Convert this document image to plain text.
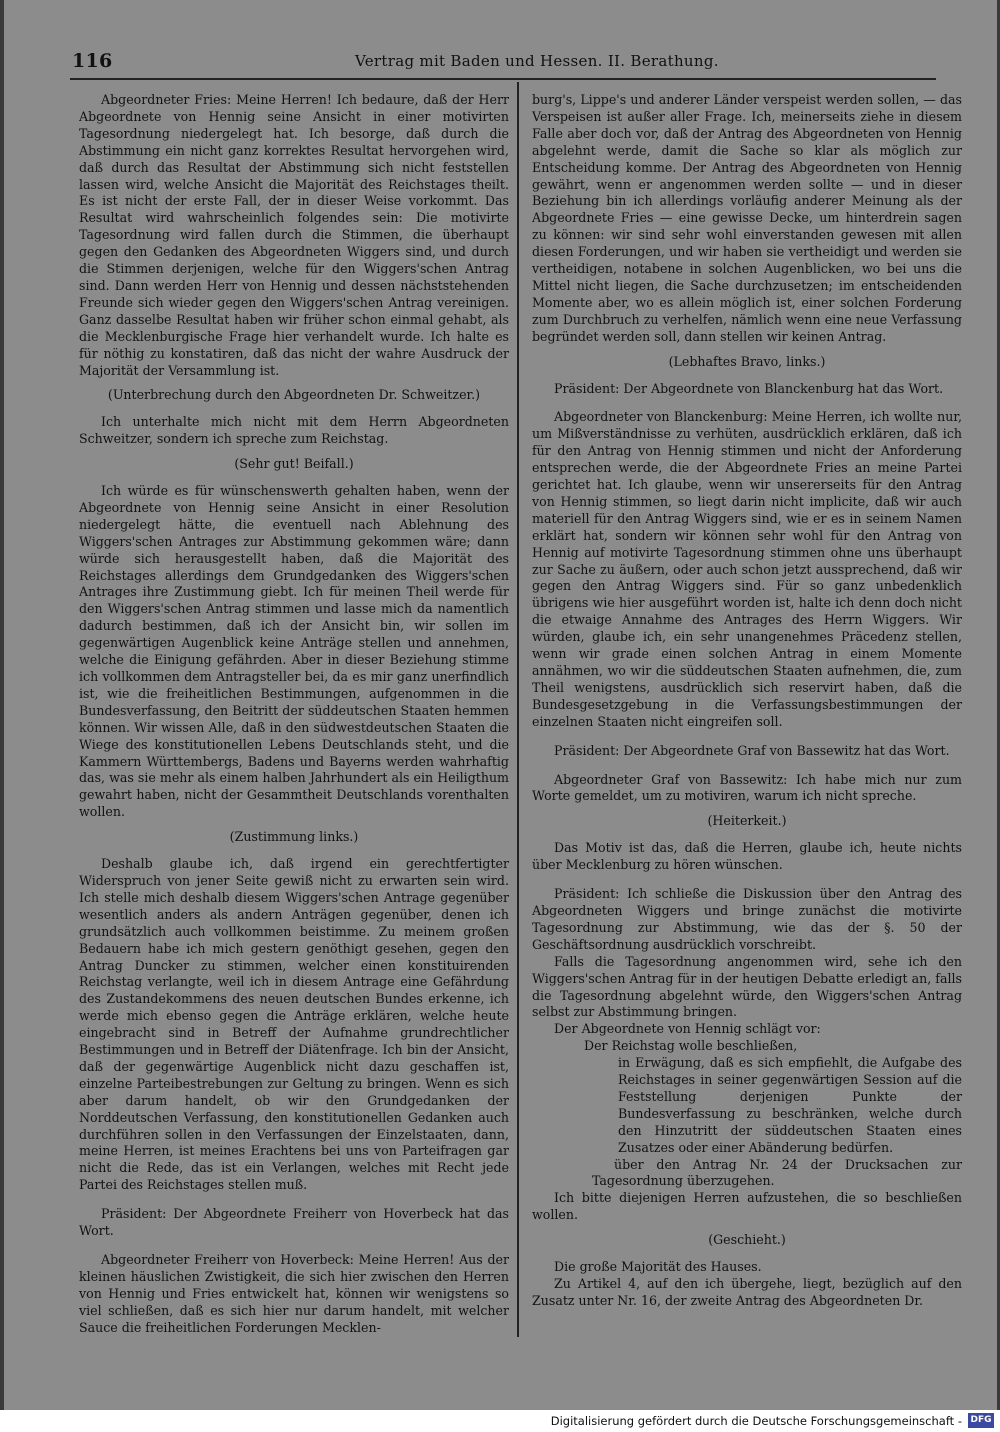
116	Vertrag mit Baden und Hessen. II. Berathung.

Abgeordneter Fries: Meine Herren! Ich bedaure, daß der Herr Abgeordnete von Hennig seine Ansicht in einer motivirten Tagesordnung niedergelegt hat. Ich besorge, daß durch die Abstimmung ein nicht ganz korrektes Resultat hervorgehen wird, daß durch das Resultat der Abstimmung sich nicht feststellen lassen wird, welche Ansicht die Majorität des Reichstages theilt. Es ist nicht der erste Fall, der in dieser Weise vorkommt. Das Resultat wird wahrscheinlich folgendes sein: Die motivirte Tagesordnung wird fallen durch die Stimmen, die überhaupt gegen den Gedanken des Abgeordneten Wiggers sind, und durch die Stimmen derjenigen, welche für den Wiggers'schen Antrag sind. Dann werden Herr von Hennig und dessen nächststehenden Freunde sich wieder gegen den Wiggers'schen Antrag vereinigen. Ganz dasselbe Resultat haben wir früher schon einmal gehabt, als die Mecklenburgische Frage hier verhandelt wurde. Ich halte es für nöthig zu konstatiren, daß das nicht der wahre Ausdruck der Majorität der Versammlung ist.

(Unterbrechung durch den Abgeordneten Dr. Schweitzer.)

Ich unterhalte mich nicht mit dem Herrn Abgeordneten Schweitzer, sondern ich spreche zum Reichstag.

(Sehr gut! Beifall.)

Ich würde es für wünschenswerth gehalten haben, wenn der Abgeordnete von Hennig seine Ansicht in einer Resolution niedergelegt hätte, die eventuell nach Ablehnung des Wiggers'schen Antrages zur Abstimmung gekommen wäre; dann würde sich herausgestellt haben, daß die Majorität des Reichstages allerdings dem Grundgedanken des Wiggers'schen Antrages ihre Zustimmung giebt. Ich für meinen Theil werde für den Wiggers'schen Antrag stimmen und lasse mich da namentlich dadurch bestimmen, daß ich der Ansicht bin, wir sollen im gegenwärtigen Augenblick keine Anträge stellen und annehmen, welche die Einigung gefährden. Aber in dieser Beziehung stimme ich vollkommen dem Antragsteller bei, da es mir ganz unerfindlich ist, wie die freiheitlichen Bestimmungen, aufgenommen in die Bundesverfassung, den Beitritt der süddeutschen Staaten hemmen können. Wir wissen Alle, daß in den südwestdeutschen Staaten die Wiege des konstitutionellen Lebens Deutschlands steht, und die Kammern Württembergs, Badens und Bayerns werden wahrhaftig das, was sie mehr als einem halben Jahrhundert als ein Heiligthum gewahrt haben, nicht der Gesammtheit Deutschlands vorenthalten wollen.

(Zustimmung links.)

Deshalb glaube ich, daß irgend ein gerechtfertigter Widerspruch von jener Seite gewiß nicht zu erwarten sein wird. Ich stelle mich deshalb diesem Wiggers'schen Antrage gegenüber wesentlich anders als andern Anträgen gegenüber, denen ich grundsätzlich auch vollkommen beistimme. Zu meinem großen Bedauern habe ich mich gestern genöthigt gesehen, gegen den Antrag Duncker zu stimmen, welcher einen konstituirenden Reichstag verlangte, weil ich in diesem Antrage eine Gefährdung des Zustandekommens des neuen deutschen Bundes erkenne, ich werde mich ebenso gegen die Anträge erklären, welche heute eingebracht sind in Betreff der Aufnahme grundrechtlicher Bestimmungen und in Betreff der Diätenfrage. Ich bin der Ansicht, daß der gegenwärtige Augenblick nicht dazu geschaffen ist, einzelne Parteibestrebungen zur Geltung zu bringen. Wenn es sich aber darum handelt, ob wir den Grundgedanken der Norddeutschen Verfassung, den konstitutionellen Gedanken auch durchführen sollen in den Verfassungen der Einzelstaaten, dann, meine Herren, ist meines Erachtens bei uns von Parteifragen gar nicht die Rede, das ist ein Verlangen, welches mit Recht jede Partei des Reichstages stellen muß.

Präsident: Der Abgeordnete Freiherr von Hoverbeck hat das Wort.

Abgeordneter Freiherr von Hoverbeck: Meine Herren! Aus der kleinen häuslichen Zwistigkeit, die sich hier zwischen den Herren von Hennig und Fries entwickelt hat, können wir wenigstens so viel schließen, daß es sich hier nur darum handelt, mit welcher Sauce die freiheitlichen Forderungen Mecklen-

burg's, Lippe's und anderer Länder verspeist werden sollen, — das Verspeisen ist außer aller Frage. Ich, meinerseits ziehe in diesem Falle aber doch vor, daß der Antrag des Abgeordneten von Hennig abgelehnt werde, damit die Sache so klar als möglich zur Entscheidung komme. Der Antrag des Abgeordneten von Hennig gewährt, wenn er angenommen werden sollte — und in dieser Beziehung bin ich allerdings vorläufig anderer Meinung als der Abgeordnete Fries — eine gewisse Decke, um hinterdrein sagen zu können: wir sind sehr wohl einverstanden gewesen mit allen diesen Forderungen, und wir haben sie vertheidigt und werden sie vertheidigen, notabene in solchen Augenblicken, wo bei uns die Mittel nicht liegen, die Sache durchzusetzen; im entscheidenden Momente aber, wo es allein möglich ist, einer solchen Forderung zum Durchbruch zu verhelfen, nämlich wenn eine neue Verfassung begründet werden soll, dann stellen wir keinen Antrag.

(Lebhaftes Bravo, links.)

Präsident: Der Abgeordnete von Blanckenburg hat das Wort.

Abgeordneter von Blanckenburg: Meine Herren, ich wollte nur, um Mißverständnisse zu verhüten, ausdrücklich erklären, daß ich für den Antrag von Hennig stimmen und nicht der Anforderung entsprechen werde, die der Abgeordnete Fries an meine Partei gerichtet hat. Ich glaube, wenn wir unsererseits für den Antrag von Hennig stimmen, so liegt darin nicht implicite, daß wir auch materiell für den Antrag Wiggers sind, wie er es in seinem Namen erklärt hat, sondern wir können sehr wohl für den Antrag von Hennig auf motivirte Tagesordnung stimmen ohne uns überhaupt zur Sache zu äußern, oder auch schon jetzt aussprechend, daß wir gegen den Antrag Wiggers sind. Für so ganz unbedenklich übrigens wie hier ausgeführt worden ist, halte ich denn doch nicht die etwaige Annahme des Antrages des Herrn Wiggers. Wir würden, glaube ich, ein sehr unangenehmes Präcedenz stellen, wenn wir grade einen solchen Antrag in einem Momente annähmen, wo wir die süddeutschen Staaten aufnehmen, die, zum Theil wenigstens, ausdrücklich sich reservirt haben, daß die Bundesgesetzgebung in die Verfassungsbestimmungen der einzelnen Staaten nicht eingreifen soll.

Präsident: Der Abgeordnete Graf von Bassewitz hat das Wort.

Abgeordneter Graf von Bassewitz: Ich habe mich nur zum Worte gemeldet, um zu motiviren, warum ich nicht spreche.

(Heiterkeit.)

Das Motiv ist das, daß die Herren, glaube ich, heute nichts über Mecklenburg zu hören wünschen.

Präsident: Ich schließe die Diskussion über den Antrag des Abgeordneten Wiggers und bringe zunächst die motivirte Tagesordnung zur Abstimmung, wie das der §. 50 der Geschäftsordnung ausdrücklich vorschreibt.

Falls die Tagesordnung angenommen wird, sehe ich den Wiggers'schen Antrag für in der heutigen Debatte erledigt an, falls die Tagesordnung abgelehnt würde, den Wiggers'schen Antrag selbst zur Abstimmung bringen.

Der Abgeordnete von Hennig schlägt vor:

Der Reichstag wolle beschließen,

in Erwägung, daß es sich empfiehlt, die Aufgabe des Reichstages in seiner gegenwärtigen Session auf die Feststellung derjenigen Punkte der Bundesverfassung zu beschränken, welche durch den Hinzutritt der süddeutschen Staaten eines Zusatzes oder einer Abänderung bedürfen.

über den Antrag Nr. 24 der Drucksachen zur Tagesordnung überzugehen.

Ich bitte diejenigen Herren aufzustehen, die so beschließen wollen.

(Geschieht.)

Die große Majorität des Hauses.

Zu Artikel 4, auf den ich übergehe, liegt, bezüglich auf den Zusatz unter Nr. 16, der zweite Antrag des Abgeordneten Dr.

Digitalisierung gefördert durch die Deutsche Forschungsgemeinschaft - DFG
